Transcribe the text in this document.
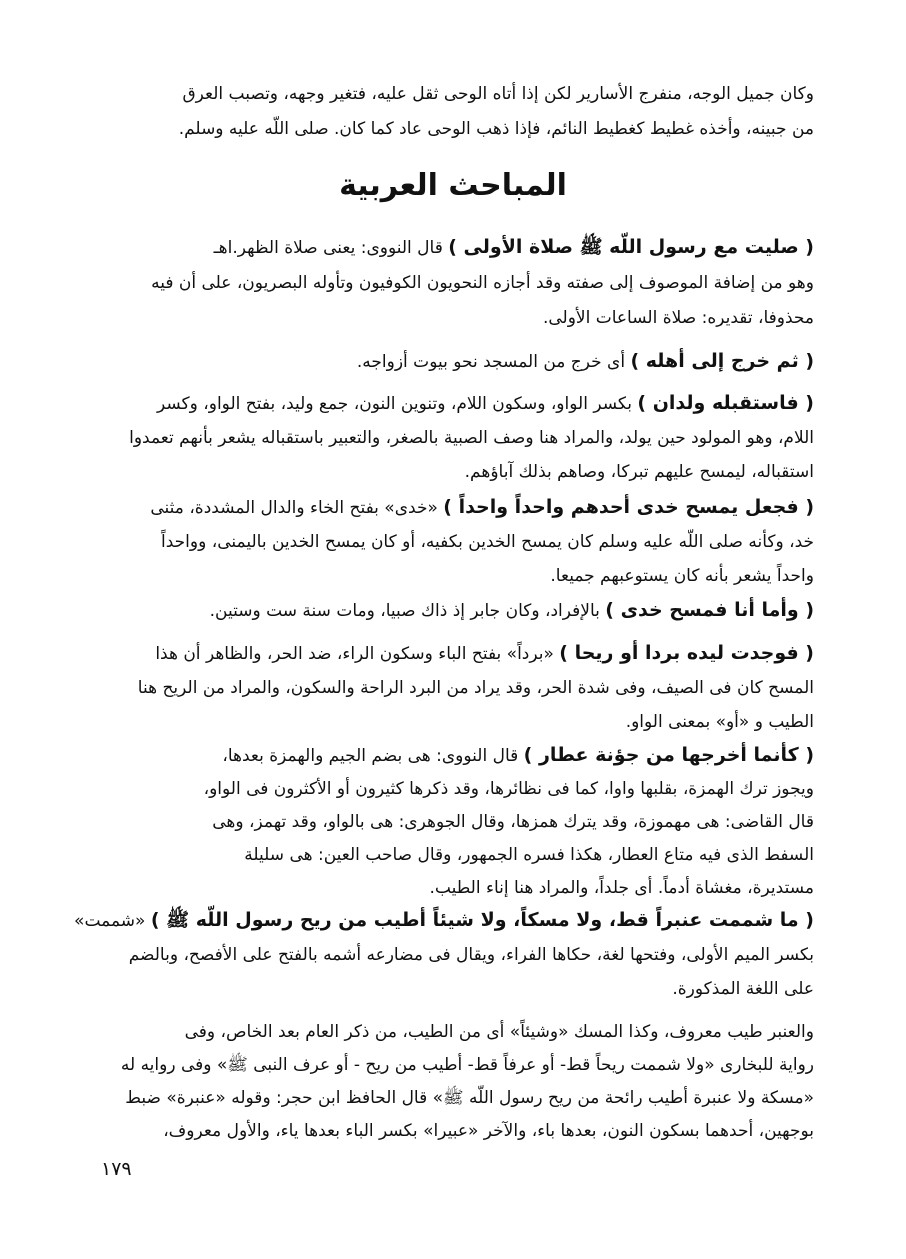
وكان جميل الوجه، منفرج الأسارير لكن إذا أتاه الوحى ثقل عليه، فتغير وجهه، وتصبب العرق
من جبينه، وأخذه غطيط كغطيط النائم، فإذا ذهب الوحى عاد كما كان. صلى اللّه عليه وسلم.
المباحث العربية
( صليت مع رسول اللّه ﷺ صلاة الأولى ) قال النووى: يعنى صلاة الظهر.اهـ
وهو من إضافة الموصوف إلى صفته وقد أجازه النحويون الكوفيون وتأوله البصريون، على أن فيه
محذوفا، تقديره: صلاة الساعات الأولى.
( ثم خرج إلى أهله ) أى خرج من المسجد نحو بيوت أزواجه.
( فاستقبله ولدان ) بكسر الواو، وسكون اللام، وتنوين النون، جمع وليد، بفتح الواو، وكسر
اللام، وهو المولود حين يولد، والمراد هنا وصف الصبية بالصغر، والتعبير باستقباله يشعر بأنهم تعمدوا
استقباله، ليمسح عليهم تبركا، وصاهم بذلك آباؤهم.
( فجعل يمسح خدى أحدهم واحداً واحداً ) «خدى» بفتح الخاء والدال المشددة، مثنى
خد، وكأنه صلى اللّه عليه وسلم كان يمسح الخدين بكفيه، أو كان يمسح الخدين باليمنى، وواحداً
واحداً يشعر بأنه كان يستوعبهم جميعا.
( وأما أنا فمسح خدى ) بالإفراد، وكان جابر إذ ذاك صبيا، ومات سنة ست وستين.
( فوجدت ليده بردا أو ريحا ) «برداً» بفتح الباء وسكون الراء، ضد الحر، والظاهر أن هذا
المسح كان فى الصيف، وفى شدة الحر، وقد يراد من البرد الراحة والسكون، والمراد من الريح هنا
الطيب و «أو» بمعنى الواو.
( كأنما أخرجها من جؤنة عطار ) قال النووى: هى بضم الجيم والهمزة بعدها،
ويجوز ترك الهمزة، بقلبها واوا، كما فى نظائرها، وقد ذكرها كثيرون أو الأكثرون فى الواو،
قال القاضى: هى مهموزة، وقد يترك همزها، وقال الجوهرى: هى بالواو، وقد تهمز، وهى
السفط الذى فيه متاع العطار، هكذا فسره الجمهور، وقال صاحب العين: هى سليلة
مستديرة، مغشاة أدماً. أى جلداً، والمراد هنا إناء الطيب.
( ما شممت عنبراً قط، ولا مسكاً، ولا شيئاً أطيب من ريح رسول اللّه ﷺ ) «شممت»
بكسر الميم الأولى، وفتحها لغة، حكاها الفراء، ويقال فى مضارعه أشمه بالفتح على الأفصح، وبالضم
على اللغة المذكورة.
والعنبر طيب معروف، وكذا المسك «وشيئاً» أى من الطيب، من ذكر العام بعد الخاص، وفى
رواية للبخارى «ولا شممت ريحاً قط- أو عرفاً قط- أطيب من ريح - أو عرف النبى ﷺ» وفى روايه له
«مسكة ولا عنبرة أطيب رائحة من ريح رسول اللّه ﷺ» قال الحافظ ابن حجر: وقوله «عنبرة» ضبط
بوجهين، أحدهما بسكون النون، بعدها باء، والآخر «عبيرا» بكسر الباء بعدها ياء، والأول معروف،
١٧٩
